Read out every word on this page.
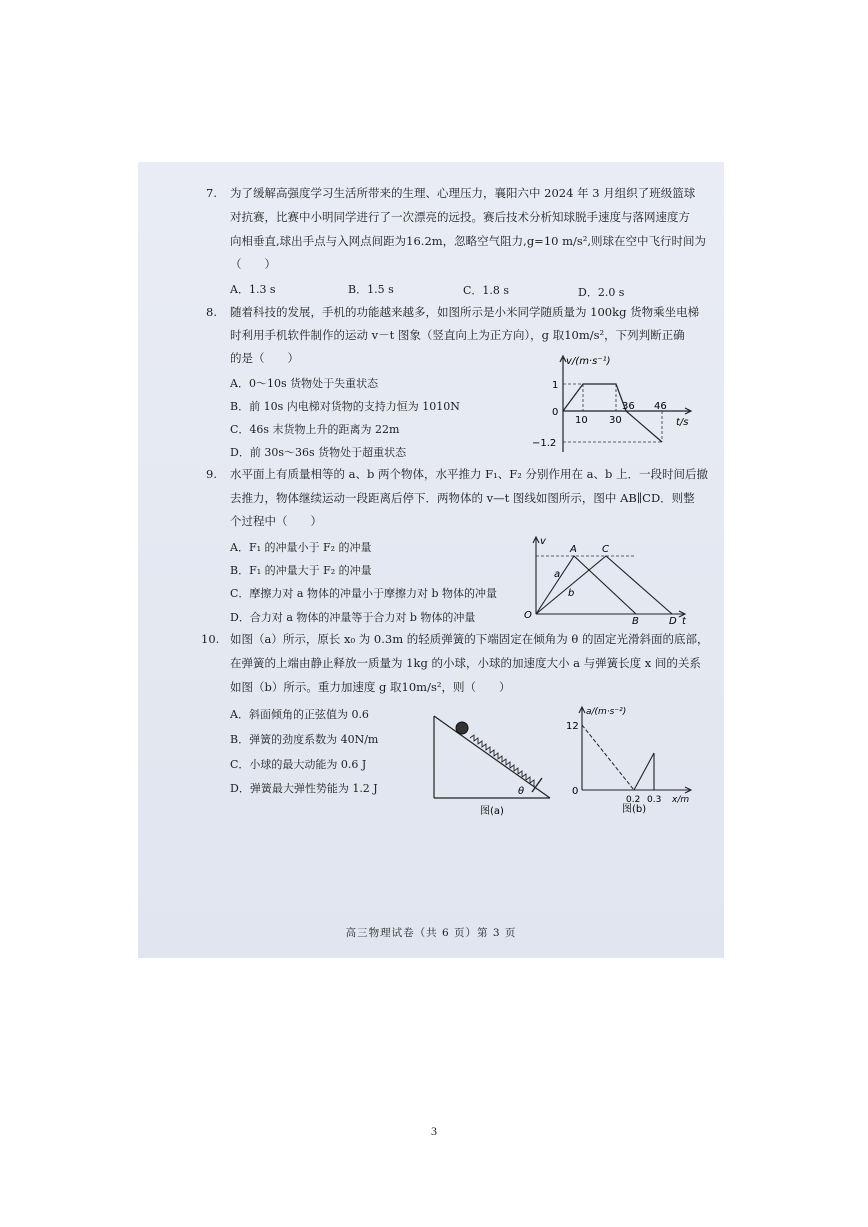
7. 为了缓解高强度学习生活所带来的生理、心理压力，襄阳六中 2024 年 3 月组织了班级篮球
对抗赛，比赛中小明同学进行了一次漂亮的远投。赛后技术分析知球脱手速度与落网速度方
向相垂直,球出手点与入网点间距为16.2m，忽略空气阻力,g=10 m/s²,则球在空中飞行时间为
（　　）
A．1.3 s	B．1.5 s	C．1.8 s	D．2.0 s
8. 随着科技的发展，手机的功能越来越多，如图所示是小米同学随质量为 100kg 货物乘坐电梯
时利用手机软件制作的运动 v－t 图象（竖直向上为正方向），g 取10m/s²，下列判断正确
的是（　　）
A．0～10s 货物处于失重状态
B．前 10s 内电梯对货物的支持力恒为 1010N
C．46s 末货物上升的距离为 22m
D．前 30s～36s 货物处于超重状态
v/(m·s⁻¹)
1
0
−1.2
10 30
36 46
t/s
9. 水平面上有质量相等的 a、b 两个物体，水平推力 F₁、F₂ 分别作用在 a、b 上．一段时间后撤
去推力，物体继续运动一段距离后停下．两物体的 v—t 图线如图所示，图中 AB∥CD．则整
个过程中（　　）
A．F₁ 的冲量小于 F₂ 的冲量
B．F₁ 的冲量大于 F₂ 的冲量
C．摩擦力对 a 物体的冲量小于摩擦力对 b 物体的冲量
D．合力对 a 物体的冲量等于合力对 b 物体的冲量
v
A	C
a
b
O
B	D t
10. 如图（a）所示，原长 x₀ 为 0.3m 的轻质弹簧的下端固定在倾角为 θ 的固定光滑斜面的底部，
在弹簧的上端由静止释放一质量为 1kg 的小球，小球的加速度大小 a 与弹簧长度 x 间的关系
如图（b）所示。重力加速度 g 取10m/s²，则（　　）
A．斜面倾角的正弦值为 0.6
B．弹簧的劲度系数为 40N/m
C．小球的最大动能为 0.6 J
D．弹簧最大弹性势能为 1.2 J	θ
图(a)
a/(m·s⁻²)
12
0
0.2 0.3 x/m
图(b)
高三物理试卷（共 6 页）第 3 页
3
